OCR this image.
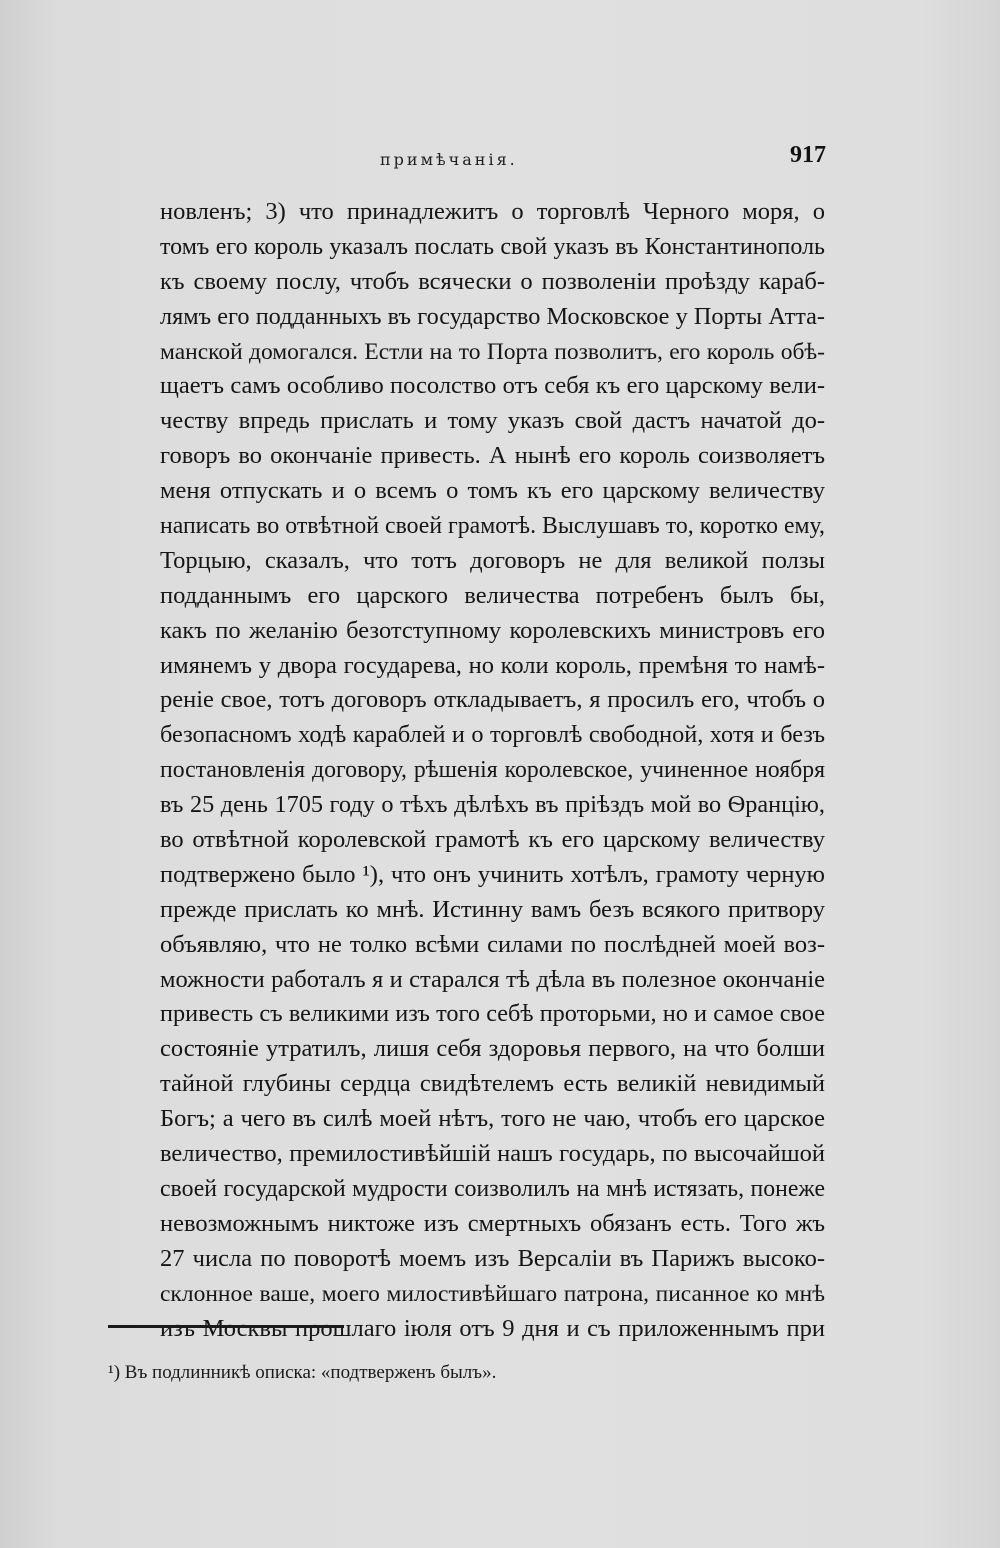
примѣчанія.	917
новленъ; 3) что принадлежитъ о торговлѣ Черного моря, о
томъ его король указалъ послать свой указъ въ Константинополь
къ своему послу, чтобъ всячески о позволеніи проѣзду караб-
лямъ его подданныхъ въ государство Московское у Порты Атта-
манской домогался. Естли на то Порта позволитъ, его король обѣ-
щаетъ самъ особливо посолство отъ себя къ его царскому вели-
честву впредь прислать и тому указъ свой дастъ начатой до-
говоръ во окончаніе привесть. А нынѣ его король соизволяетъ
меня отпускать и о всемъ о томъ къ его царскому величеству
написать во отвѣтной своей грамотѣ. Выслушавъ то, коротко ему,
Торцыю, сказалъ, что тотъ договоръ не для великой ползы
подданнымъ его царского величества потребенъ былъ бы,
какъ по желанію безотступному королевскихъ министровъ его
имянемъ у двора государева, но коли король, премѣня то намѣ-
реніе свое, тотъ договоръ откладываетъ, я просилъ его, чтобъ о
безопасномъ ходѣ караблей и о торговлѣ свободной, хотя и безъ
постановленія договору, рѣшенія королевское, учиненное ноября
въ 25 день 1705 году о тѣхъ дѣлѣхъ въ пріѣздъ мой во Ѳранцію,
во отвѣтной королевской грамотѣ къ его царскому величеству
подтвержено было ¹), что онъ учинить хотѣлъ, грамоту черную
прежде прислать ко мнѣ. Истинну вамъ безъ всякого притвору
объявляю, что не толко всѣми силами по послѣдней моей воз-
можности работалъ я и старался тѣ дѣла въ полезное окончаніе
привесть съ великими изъ того себѣ проторьми, но и самое свое
состояніе утратилъ, лишя себя здоровья первого, на что болши
тайной глубины сердца свидѣтелемъ есть великій невидимый
Богъ; а чего въ силѣ моей нѣтъ, того не чаю, чтобъ его царское
величество, премилостивѣйшій нашъ государь, по высочайшой
своей государской мудрости соизволилъ на мнѣ истязать, понеже
невозможнымъ никтоже изъ смертныхъ обязанъ есть. Того жъ
27 числа по поворотѣ моемъ изъ Версаліи въ Парижъ высоко-
склонное ваше, моего милостивѣйшаго патрона, писанное ко мнѣ
изъ Москвы прошлаго іюля отъ 9 дня и съ приложеннымъ при
¹) Въ подлинникѣ описка: «подтверженъ былъ».
